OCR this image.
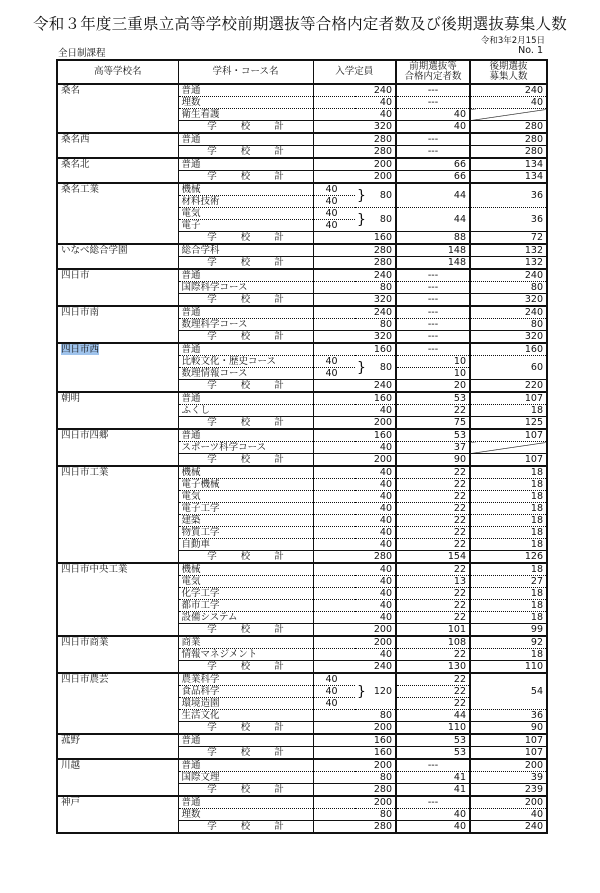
令和３年度三重県立高等学校前期選抜等合格内定者数及び後期選抜募集人数
令和3年2月15日
全日制課程	No. 1
高等学校名	学科・コース名	入学定員		前期選抜等
合格内定者数	後期選抜
募集人数
桑名	普通	240		---	240
	理数	40		---	40
	衛生看護	40		40	
	学校計	320		40	280
桑名西	普通	280		---	280
	学校計	280		---	280
桑名北	普通	200		66	134
	学校計	200		66	134
桑名工業	機械	40	} 80	44	36
	材料技術	40			
	電気	40	} 80	44	36
	電子	40			
	学校計	160		88	72
いなべ総合学園	総合学科	280		148	132
	学校計	280		148	132
四日市	普通	240		---	240
	国際科学コース	80		---	80
	学校計	320		---	320
四日市南	普通	240		---	240
	数理科学コース	80		---	80
	学校計	320		---	320
四日市西	普通	160		---	160
	比較文化・歴史コース	40	} 80	10	60
	数理情報コース	40		10	
	学校計	240		20	220
朝明	普通	160		53	107
	ふくし	40		22	18
	学校計	200		75	125
四日市四郷	普通	160		53	107
	スポーツ科学コース	40		37	
	学校計	200		90	107
四日市工業	機械	40		22	18
	電子機械	40		22	18
	電気	40		22	18
	電子工学	40		22	18
	建築	40		22	18
	物質工学	40		22	18
	自動車	40		22	18
	学校計	280		154	126
四日市中央工業	機械	40		22	18
	電気	40		13	27
	化学工学	40		22	18
	都市工学	40		22	18
	設備システム	40		22	18
	学校計	200		101	99
四日市商業	商業	200		108	92
	情報マネジメント	40		22	18
	学校計	240		130	110
四日市農芸	農業科学	40	} 120	22	54
	食品科学	40		22	
	環境造園	40		22	
	生活文化	80		44	36
	学校計	200		110	90
菰野	普通	160		53	107
	学校計	160		53	107
川越	普通	200		---	200
	国際文理	80		41	39
	学校計	280		41	239
神戸	普通	200		---	200
	理数	80		40	40
	学校計	280		40	240
